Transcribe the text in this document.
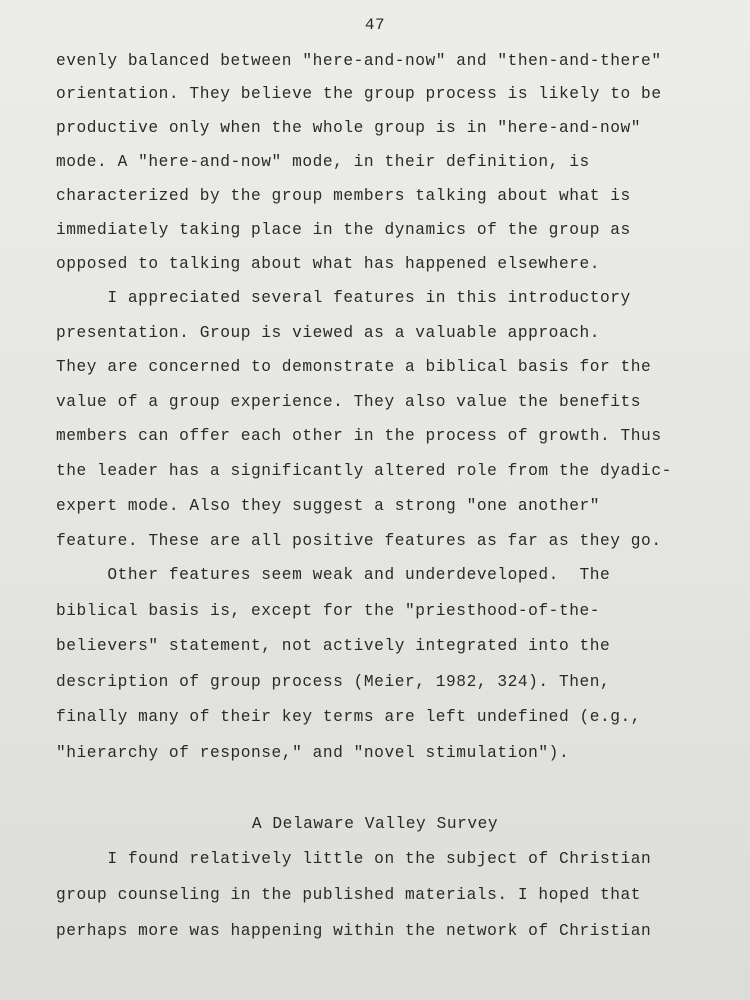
47
evenly balanced between "here-and-now" and "then-and-there"
orientation. They believe the group process is likely to be
productive only when the whole group is in "here-and-now"
mode. A "here-and-now" mode, in their definition, is
characterized by the group members talking about what is
immediately taking place in the dynamics of the group as
opposed to talking about what has happened elsewhere.
I appreciated several features in this introductory
presentation. Group is viewed as a valuable approach.
They are concerned to demonstrate a biblical basis for the
value of a group experience. They also value the benefits
members can offer each other in the process of growth. Thus
the leader has a significantly altered role from the dyadic-
expert mode. Also they suggest a strong "one another"
feature. These are all positive features as far as they go.
Other features seem weak and underdeveloped.  The
biblical basis is, except for the "priesthood-of-the-
believers" statement, not actively integrated into the
description of group process (Meier, 1982, 324). Then,
finally many of their key terms are left undefined (e.g.,
"hierarchy of response," and "novel stimulation").
A Delaware Valley Survey
I found relatively little on the subject of Christian
group counseling in the published materials. I hoped that
perhaps more was happening within the network of Christian
